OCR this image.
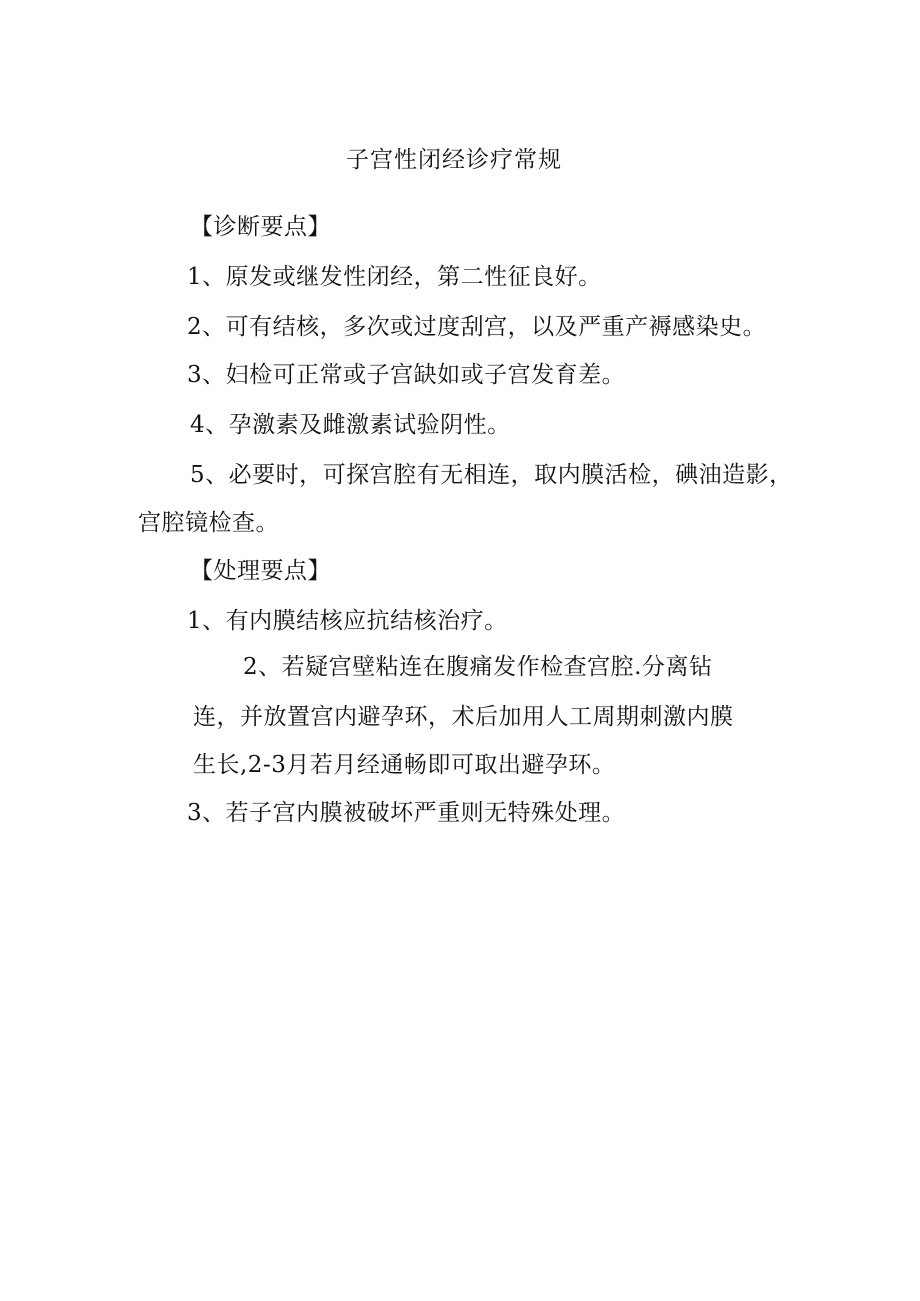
子宫性闭经诊疗常规
【诊断要点】
1、原发或继发性闭经，第二性征良好。
2、可有结核，多次或过度刮宫，以及严重产褥感染史。
3、妇检可正常或子宫缺如或子宫发育差。
4、孕激素及雌激素试验阴性。
5、必要时，可探宫腔有无相连，取内膜活检，碘油造影，
宫腔镜检查。
【处理要点】
1、有内膜结核应抗结核治疗。
2、若疑宫壁粘连在腹痛发作检查宫腔.分离钻
连，并放置宫内避孕环，术后加用人工周期刺激内膜
生长,2-3月若月经通畅即可取出避孕环。
3、若子宫内膜被破坏严重则无特殊处理。
